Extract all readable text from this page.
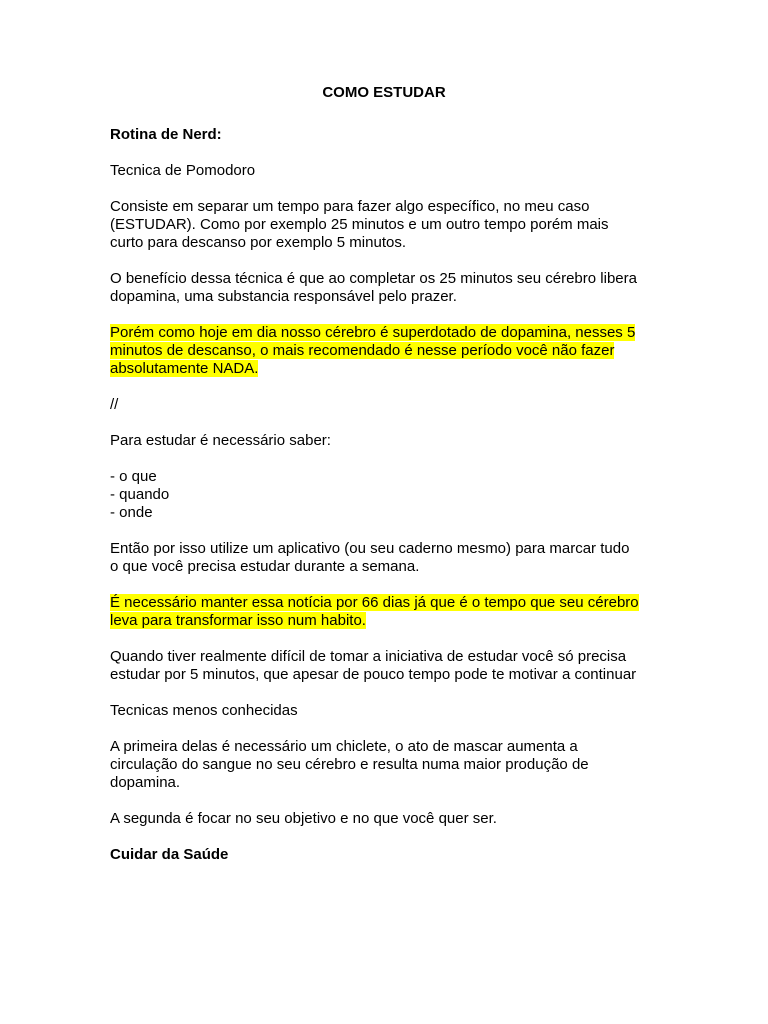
COMO ESTUDAR
Rotina de Nerd:
Tecnica de Pomodoro
Consiste em separar um tempo para fazer algo específico, no meu caso
(ESTUDAR). Como por exemplo 25 minutos e um outro tempo porém mais
curto para descanso por exemplo 5 minutos.
O benefício dessa técnica é que ao completar os 25 minutos seu cérebro libera
dopamina, uma substancia responsável pelo prazer.
Porém como hoje em dia nosso cérebro é superdotado de dopamina, nesses 5
minutos de descanso, o mais recomendado é nesse período você não fazer
absolutamente NADA.
//
Para estudar é necessário saber:
- o que
- quando
- onde
Então por isso utilize um aplicativo (ou seu caderno mesmo) para marcar tudo
o que você precisa estudar durante a semana.
É necessário manter essa notícia por 66 dias já que é o tempo que seu cérebro
leva para transformar isso num habito.
Quando tiver realmente difícil de tomar a iniciativa de estudar você só precisa
estudar por 5 minutos, que apesar de pouco tempo pode te motivar a continuar
Tecnicas menos conhecidas
A primeira delas é necessário um chiclete, o ato de mascar aumenta a
circulação do sangue no seu cérebro e resulta numa maior produção de
dopamina.
A segunda é focar no seu objetivo e no que você quer ser.
Cuidar da Saúde
